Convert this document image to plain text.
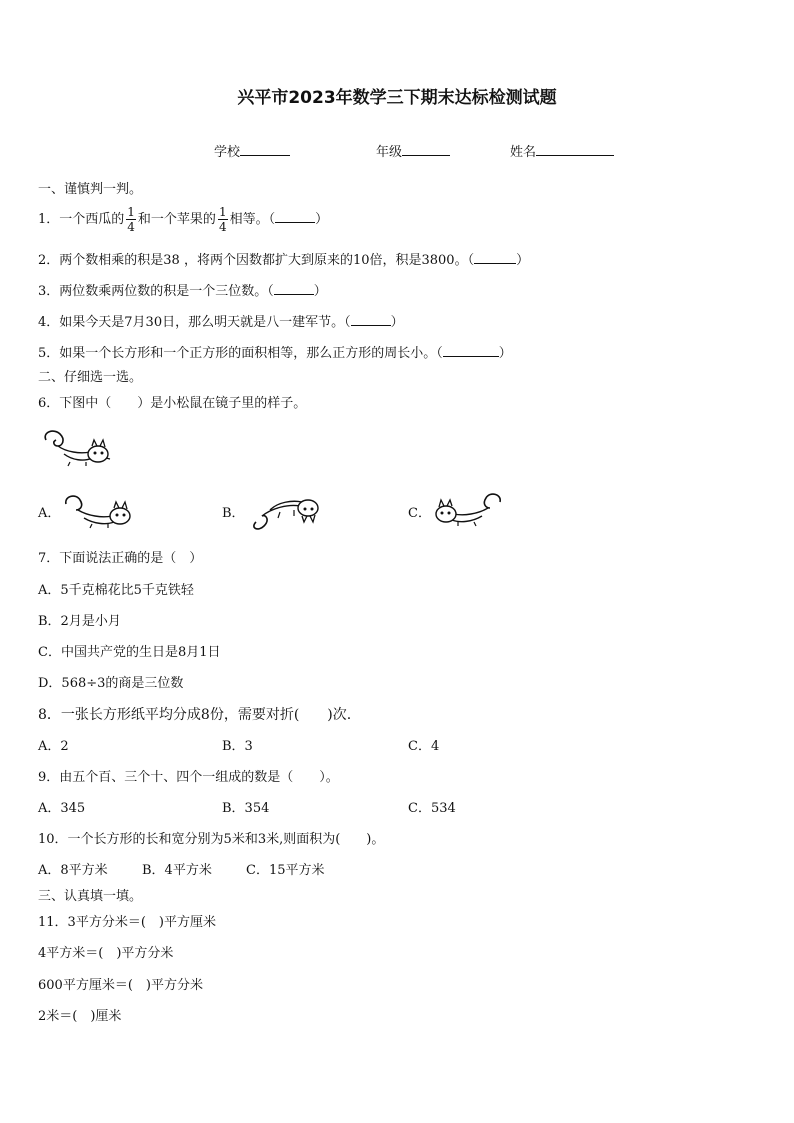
兴平市2023年数学三下期末达标检测试题
学校	年级	姓名
一、谨慎判一判。
1．一个西瓜的 $\frac{1}{4}$ 和一个苹果的 $\frac{1}{4}$ 相等。（	）
2．两个数相乘的积是38 ，将两个因数都扩大到原来的10倍，积是3800。（	）
3．两位数乘两位数的积是一个三位数。（	）
4．如果今天是7月30日，那么明天就是八一建军节。（	）
5．如果一个长方形和一个正方形的面积相等，那么正方形的周长小。（	）
二、仔细选一选。
6．下图中（　　）是小松鼠在镜子里的样子。
A．	B．	C．
7．下面说法正确的是（　）
A．5千克棉花比5千克铁轻
B．2月是小月
C．中国共产党的生日是8月1日
D．568÷3的商是三位数
8．一张长方形纸平均分成8份，需要对折(　　)次.
A．2	B．3	C．4
9．由五个百、三个十、四个一组成的数是（　　）。
A．345	B．354	C．534
10．一个长方形的长和宽分别为5米和3米,则面积为(　　)。
A．8平方米	B．4平方米	C．15平方米
三、认真填一填。
11．3平方分米＝(　)平方厘米
4平方米＝(　)平方分米
600平方厘米＝(　)平方分米
2米＝(　)厘米
